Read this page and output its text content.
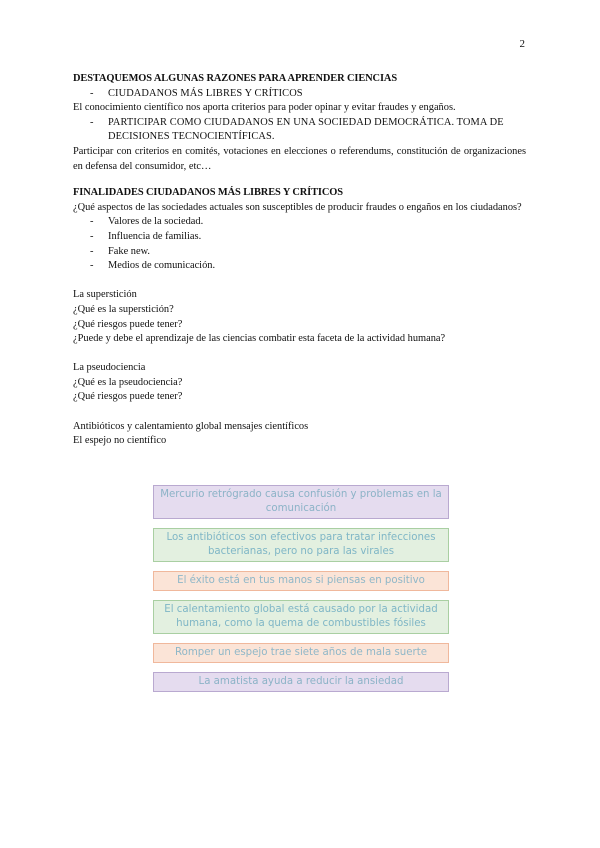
2
DESTAQUEMOS ALGUNAS RAZONES PARA APRENDER CIENCIAS
- CIUDADANOS MÁS LIBRES Y CRÍTICOS
El conocimiento científico nos aporta criterios para poder opinar y evitar fraudes y engaños.
- PARTICIPAR COMO CIUDADANOS EN UNA SOCIEDAD DEMOCRÁTICA. TOMA DE DECISIONES TECNOCIENTÍFICAS.
Participar con criterios en comités, votaciones en elecciones o referendums, constitución de organizaciones en defensa del consumidor, etc…
FINALIDADES CIUDADANOS MÁS LIBRES Y CRÍTICOS
¿Qué aspectos de las sociedades actuales son susceptibles de producir fraudes o engaños en los ciudadanos?
- Valores de la sociedad.
- Influencia de familias.
- Fake new.
- Medios de comunicación.
La superstición
¿Qué es la superstición?
¿Qué riesgos puede tener?
¿Puede y debe el aprendizaje de las ciencias combatir esta faceta de la actividad humana?
La pseudociencia
¿Qué es la pseudociencia?
¿Qué riesgos puede tener?
Antibióticos y calentamiento global mensajes científicos
El espejo no científico
Mercurio retrógrado causa confusión y problemas en la comunicación
Los antibióticos son efectivos para tratar infecciones bacterianas, pero no para las virales
El éxito está en tus manos si piensas en positivo
El calentamiento global está causado por la actividad humana, como la quema de combustibles fósiles
Romper un espejo trae siete años de mala suerte
La amatista ayuda a reducir la ansiedad
